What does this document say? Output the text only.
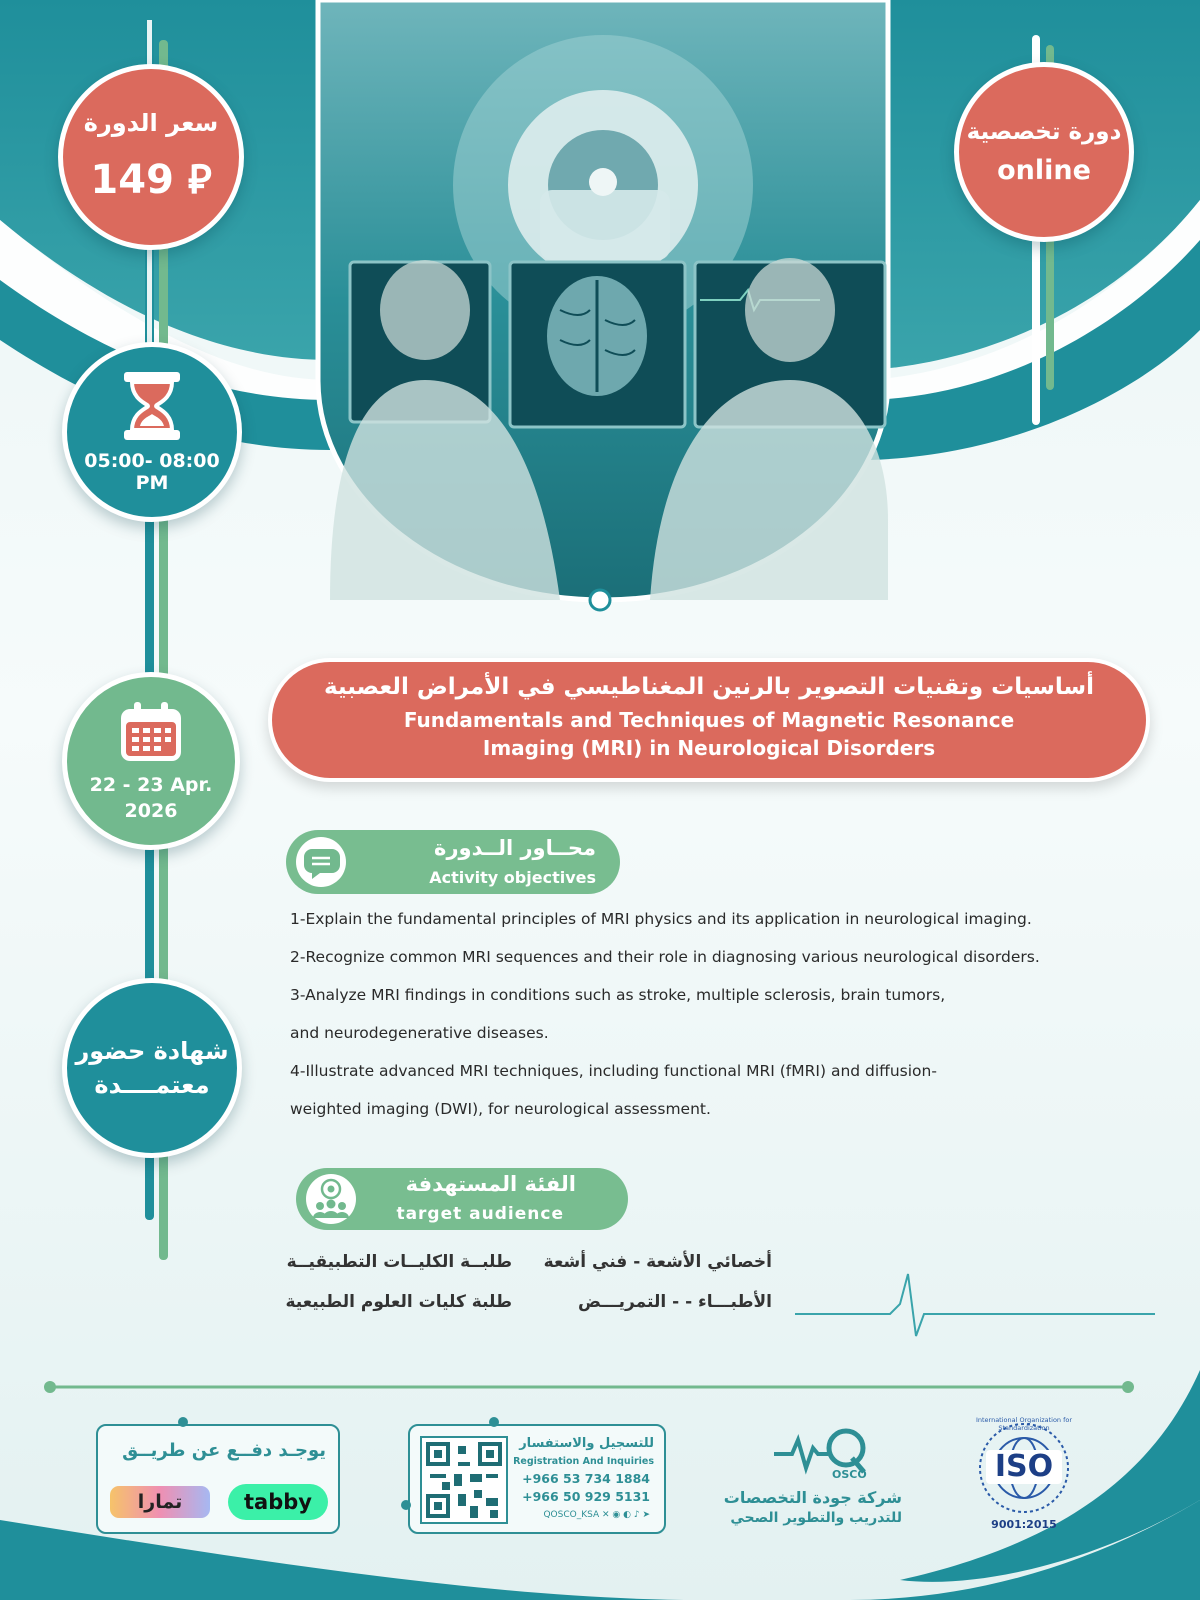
سعر الدورة
149 ⃁
دورة تخصصية
online
05:00- 08:00
PM
22 - 23 Apr.
2026
شهادة حضور
معتمــــدة
أساسيات وتقنيات التصوير بالرنين المغناطيسي في الأمراض العصبية
Fundamentals and Techniques of Magnetic Resonance
Imaging (MRI) in Neurological Disorders
محــاور الــدورة
Activity objectives
1-Explain the fundamental principles of MRI physics and its application in neurological imaging.
2-Recognize common MRI sequences and their role in diagnosing various neurological disorders.
3-Analyze MRI findings in conditions such as stroke, multiple sclerosis, brain tumors,
and neurodegenerative diseases.
4-Illustrate advanced MRI techniques, including functional MRI (fMRI) and diffusion-
weighted imaging (DWI), for neurological assessment.
الفئة المستهدفة
target audience
أخصائي الأشعة - فني أشعة
الأطبـــاء - - التمريـــض
طلبــة الكليــات التطبيقيــة
طلبة كليات العلوم الطبيعية
يوجـد دفــع عن طريــق
تمارا	tabby
للتسجيل والاستفسار
Registration And Inquiries
+966 53 734 1884
+966 50 929 5131
QOSCO_KSA ✕ ◉ ◐ ♪ ➤
OSCO
شركة جودة التخصصات
للتدريب والتطوير الصحي
International Organization for Standardization
ISO
9001:2015
